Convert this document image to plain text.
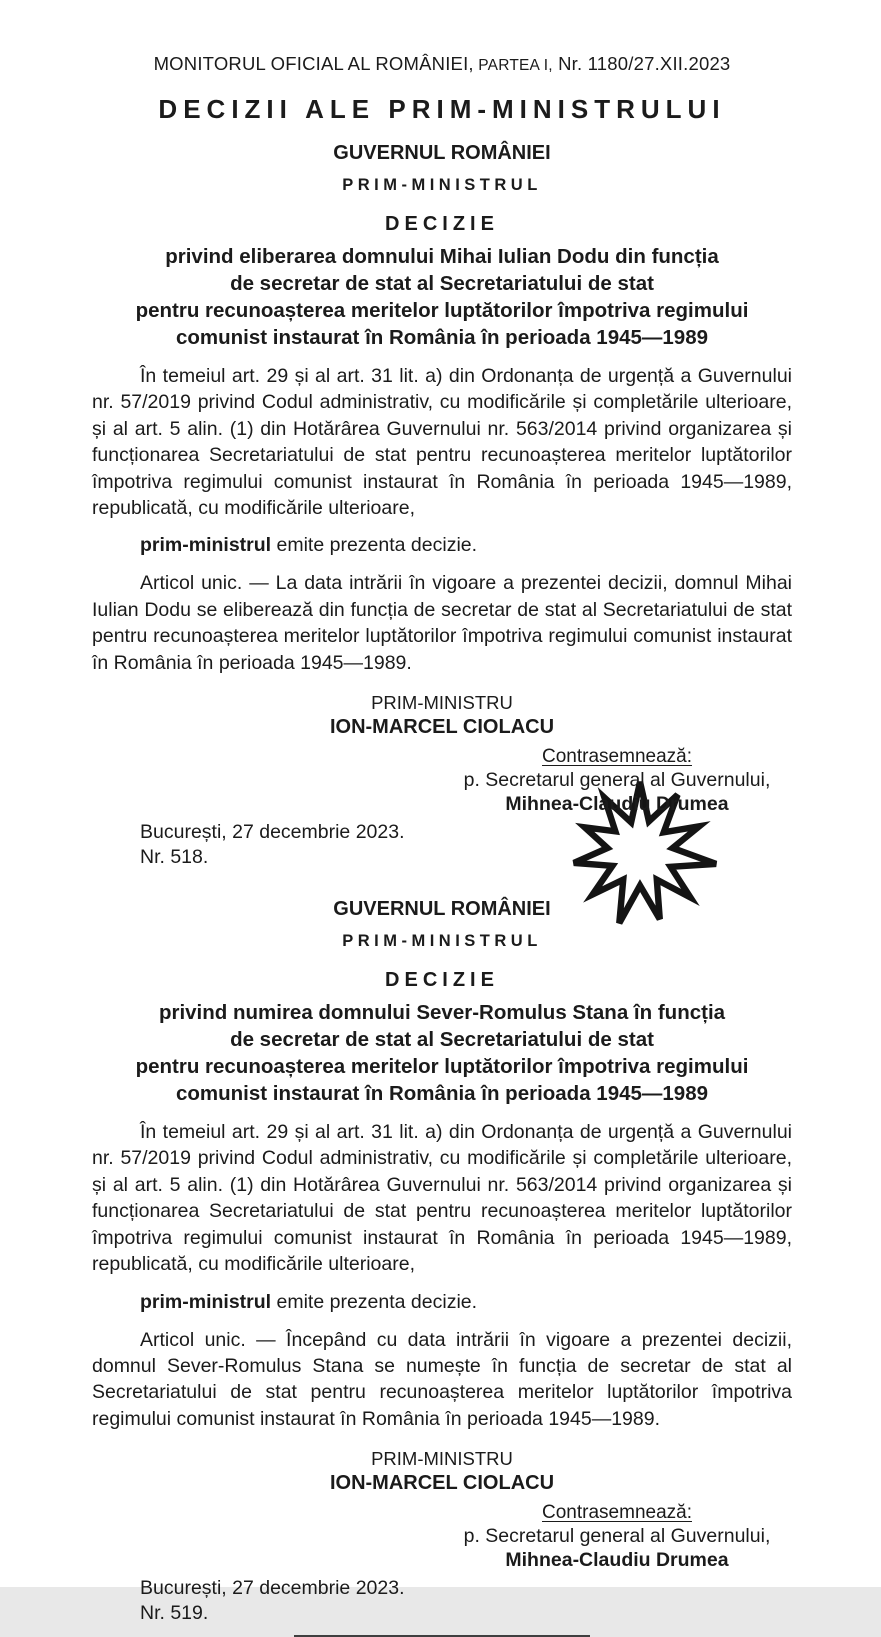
MONITORUL OFICIAL AL ROMÂNIEI, PARTEA I, Nr. 1180/27.XII.2023
DECIZII ALE PRIM-MINISTRULUI
GUVERNUL ROMÂNIEI
PRIM-MINISTRUL
DECIZIE
privind eliberarea domnului Mihai Iulian Dodu din funcția
de secretar de stat al Secretariatului de stat
pentru recunoașterea meritelor luptătorilor împotriva regimului
comunist instaurat în România în perioada 1945—1989

În temeiul art. 29 și al art. 31 lit. a) din Ordonanța de urgență a Guvernului nr. 57/2019 privind Codul administrativ, cu modificările și completările ulterioare, și al art. 5 alin. (1) din Hotărârea Guvernului nr. 563/2014 privind organizarea și funcționarea Secretariatului de stat pentru recunoașterea meritelor luptătorilor împotriva regimului comunist instaurat în România în perioada 1945—1989, republicată, cu modificările ulterioare,

prim-ministrul emite prezenta decizie.

Articol unic. — La data intrării în vigoare a prezentei decizii, domnul Mihai Iulian Dodu se eliberează din funcția de secretar de stat al Secretariatului de stat pentru recunoașterea meritelor luptătorilor împotriva regimului comunist instaurat în România în perioada 1945—1989.

PRIM-MINISTRU
ION-MARCEL CIOLACU
Contrasemnează:
p. Secretarul general al Guvernului,
Mihnea-Claudiu Drumea
București, 27 decembrie 2023.
Nr. 518.
GUVERNUL ROMÂNIEI
PRIM-MINISTRUL
DECIZIE
privind numirea domnului Sever-Romulus Stana în funcția
de secretar de stat al Secretariatului de stat
pentru recunoașterea meritelor luptătorilor împotriva regimului
comunist instaurat în România în perioada 1945—1989

În temeiul art. 29 și al art. 31 lit. a) din Ordonanța de urgență a Guvernului nr. 57/2019 privind Codul administrativ, cu modificările și completările ulterioare, și al art. 5 alin. (1) din Hotărârea Guvernului nr. 563/2014 privind organizarea și funcționarea Secretariatului de stat pentru recunoașterea meritelor luptătorilor împotriva regimului comunist instaurat în România în perioada 1945—1989, republicată, cu modificările ulterioare,

prim-ministrul emite prezenta decizie.

Articol unic. — Începând cu data intrării în vigoare a prezentei decizii, domnul Sever-Romulus Stana se numește în funcția de secretar de stat al Secretariatului de stat pentru recunoașterea meritelor luptătorilor împotriva regimului comunist instaurat în România în perioada 1945—1989.

PRIM-MINISTRU
ION-MARCEL CIOLACU
Contrasemnează:
p. Secretarul general al Guvernului,
Mihnea-Claudiu Drumea
București, 27 decembrie 2023.
Nr. 519.
